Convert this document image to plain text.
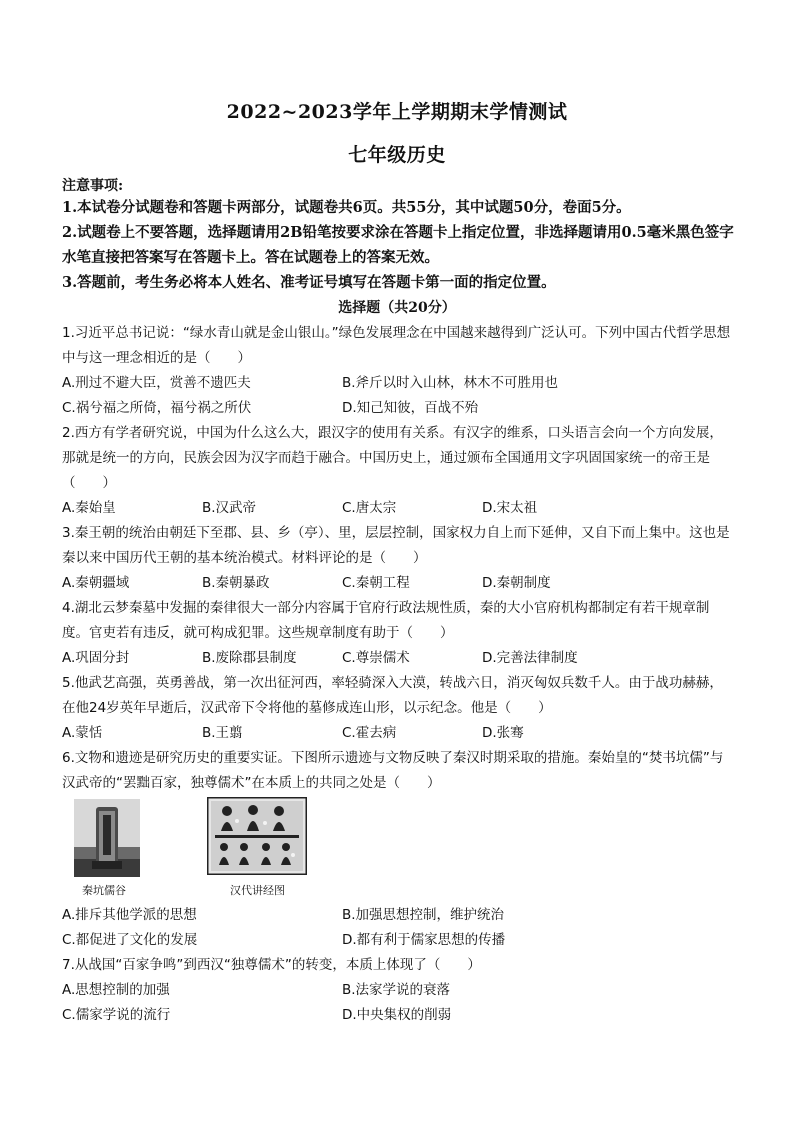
2022~2023学年上学期期末学情测试
七年级历史
注意事项:
1.本试卷分试题卷和答题卡两部分，试题卷共6页。共55分，其中试题50分，卷面5分。
2.试题卷上不要答题，选择题请用2B铅笔按要求涂在答题卡上指定位置，非选择题请用0.5毫米黑色签字水笔直接把答案写在答题卡上。答在试题卷上的答案无效。
3.答题前，考生务必将本人姓名、准考证号填写在答题卡第一面的指定位置。
选择题（共20分）
1.习近平总书记说：“绿水青山就是金山银山。”绿色发展理念在中国越来越得到广泛认可。下列中国古代哲学思想中与这一理念相近的是（　　）
A.刑过不避大臣，赏善不遗匹夫	B.斧斤以时入山林，林木不可胜用也
C.祸兮福之所倚，福兮祸之所伏	D.知己知彼，百战不殆
2.西方有学者研究说，中国为什么这么大，跟汉字的使用有关系。有汉字的维系，口头语言会向一个方向发展，那就是统一的方向，民族会因为汉字而趋于融合。中国历史上，通过颁布全国通用文字巩固国家统一的帝王是（　　）
A.秦始皇	B.汉武帝	C.唐太宗	D.宋太祖
3.秦王朝的统治由朝廷下至郡、县、乡（亭）、里，层层控制，国家权力自上而下延伸，又自下而上集中。这也是秦以来中国历代王朝的基本统治模式。材料评论的是（　　）
A.秦朝疆域	B.秦朝暴政	C.秦朝工程	D.秦朝制度
4.湖北云梦秦墓中发掘的秦律很大一部分内容属于官府行政法规性质，秦的大小官府机构都制定有若干规章制度。官吏若有违反，就可构成犯罪。这些规章制度有助于（　　）
A.巩固分封	B.废除郡县制度	C.尊崇儒术	D.完善法律制度
5.他武艺高强，英勇善战，第一次出征河西，率轻骑深入大漠，转战六日，消灭匈奴兵数千人。由于战功赫赫，在他24岁英年早逝后，汉武帝下令将他的墓修成连山形，以示纪念。他是（　　）
A.蒙恬	B.王翦	C.霍去病	D.张骞
6.文物和遗迹是研究历史的重要实证。下图所示遗迹与文物反映了秦汉时期采取的措施。秦始皇的“焚书坑儒”与汉武帝的“罢黜百家，独尊儒术”在本质上的共同之处是（　　）
秦坑儒谷	汉代讲经图
A.排斥其他学派的思想	B.加强思想控制，维护统治
C.都促进了文化的发展	D.都有利于儒家思想的传播
7.从战国“百家争鸣”到西汉“独尊儒术”的转变，本质上体现了（　　）
A.思想控制的加强	B.法家学说的衰落
C.儒家学说的流行	D.中央集权的削弱
